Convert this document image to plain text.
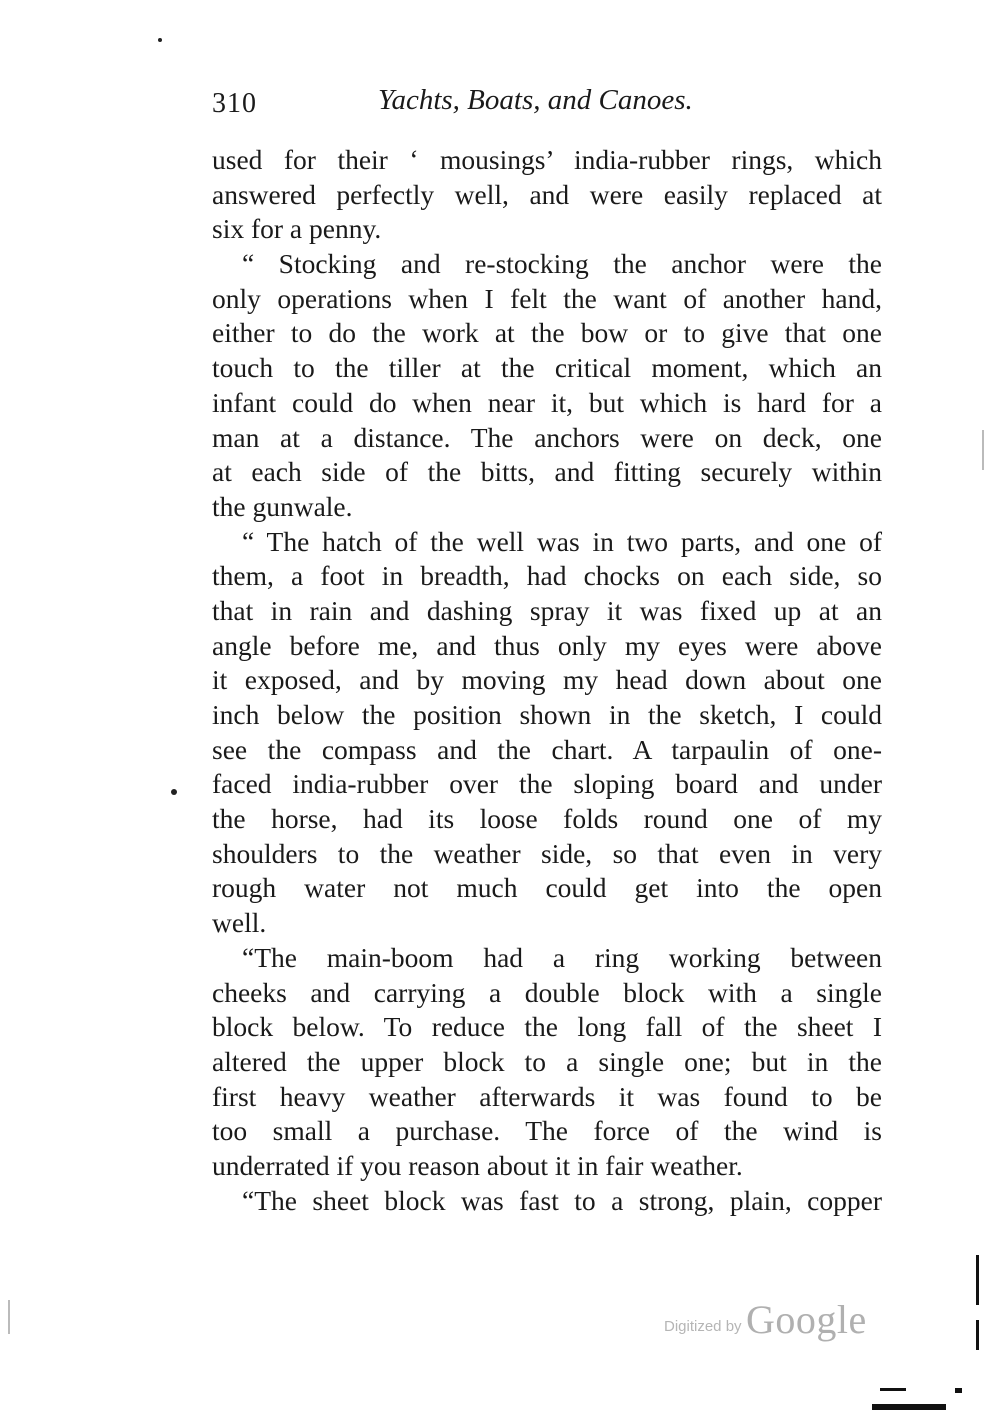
310	Yachts, Boats, and Canoes.
used for their ‘ mousings’ india-rubber rings, which
answered perfectly well, and were easily replaced at
six for a penny.
“ Stocking and re-stocking the anchor were the
only operations when I felt the want of another hand,
either to do the work at the bow or to give that one
touch to the tiller at the critical moment, which an
infant could do when near it, but which is hard for a
man at a distance. The anchors were on deck, one
at each side of the bitts, and fitting securely within
the gunwale.
“ The hatch of the well was in two parts, and one of
them, a foot in breadth, had chocks on each side, so
that in rain and dashing spray it was fixed up at an
angle before me, and thus only my eyes were above
it exposed, and by moving my head down about one
inch below the position shown in the sketch, I could
see the compass and the chart. A tarpaulin of one-
faced india-rubber over the sloping board and under
the horse, had its loose folds round one of my
shoulders to the weather side, so that even in very
rough water not much could get into the open
well.
“The main-boom had a ring working between
cheeks and carrying a double block with a single
block below. To reduce the long fall of the sheet I
altered the upper block to a single one; but in the
first heavy weather afterwards it was found to be
too small a purchase. The force of the wind is
underrated if you reason about it in fair weather.
“The sheet block was fast to a strong, plain, copper
Digitized by Google
